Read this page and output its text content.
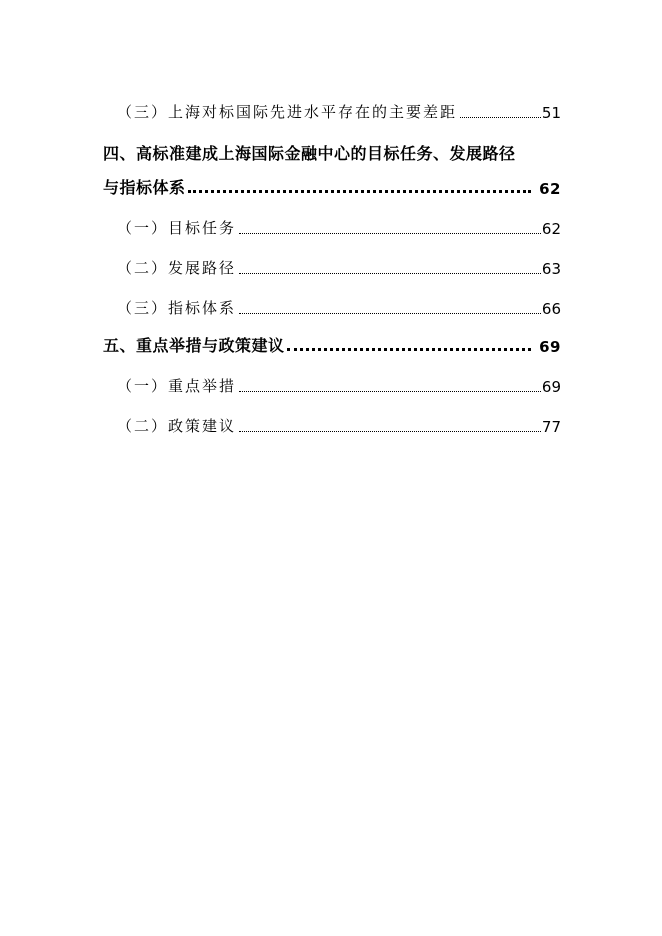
（三）上海对标国际先进水平存在的主要差距	51
四、高标准建成上海国际金融中心的目标任务、发展路径
与指标体系	62
（一）目标任务	62
（二）发展路径	63
（三）指标体系	66
五、重点举措与政策建议	69
（一）重点举措	69
（二）政策建议	77
